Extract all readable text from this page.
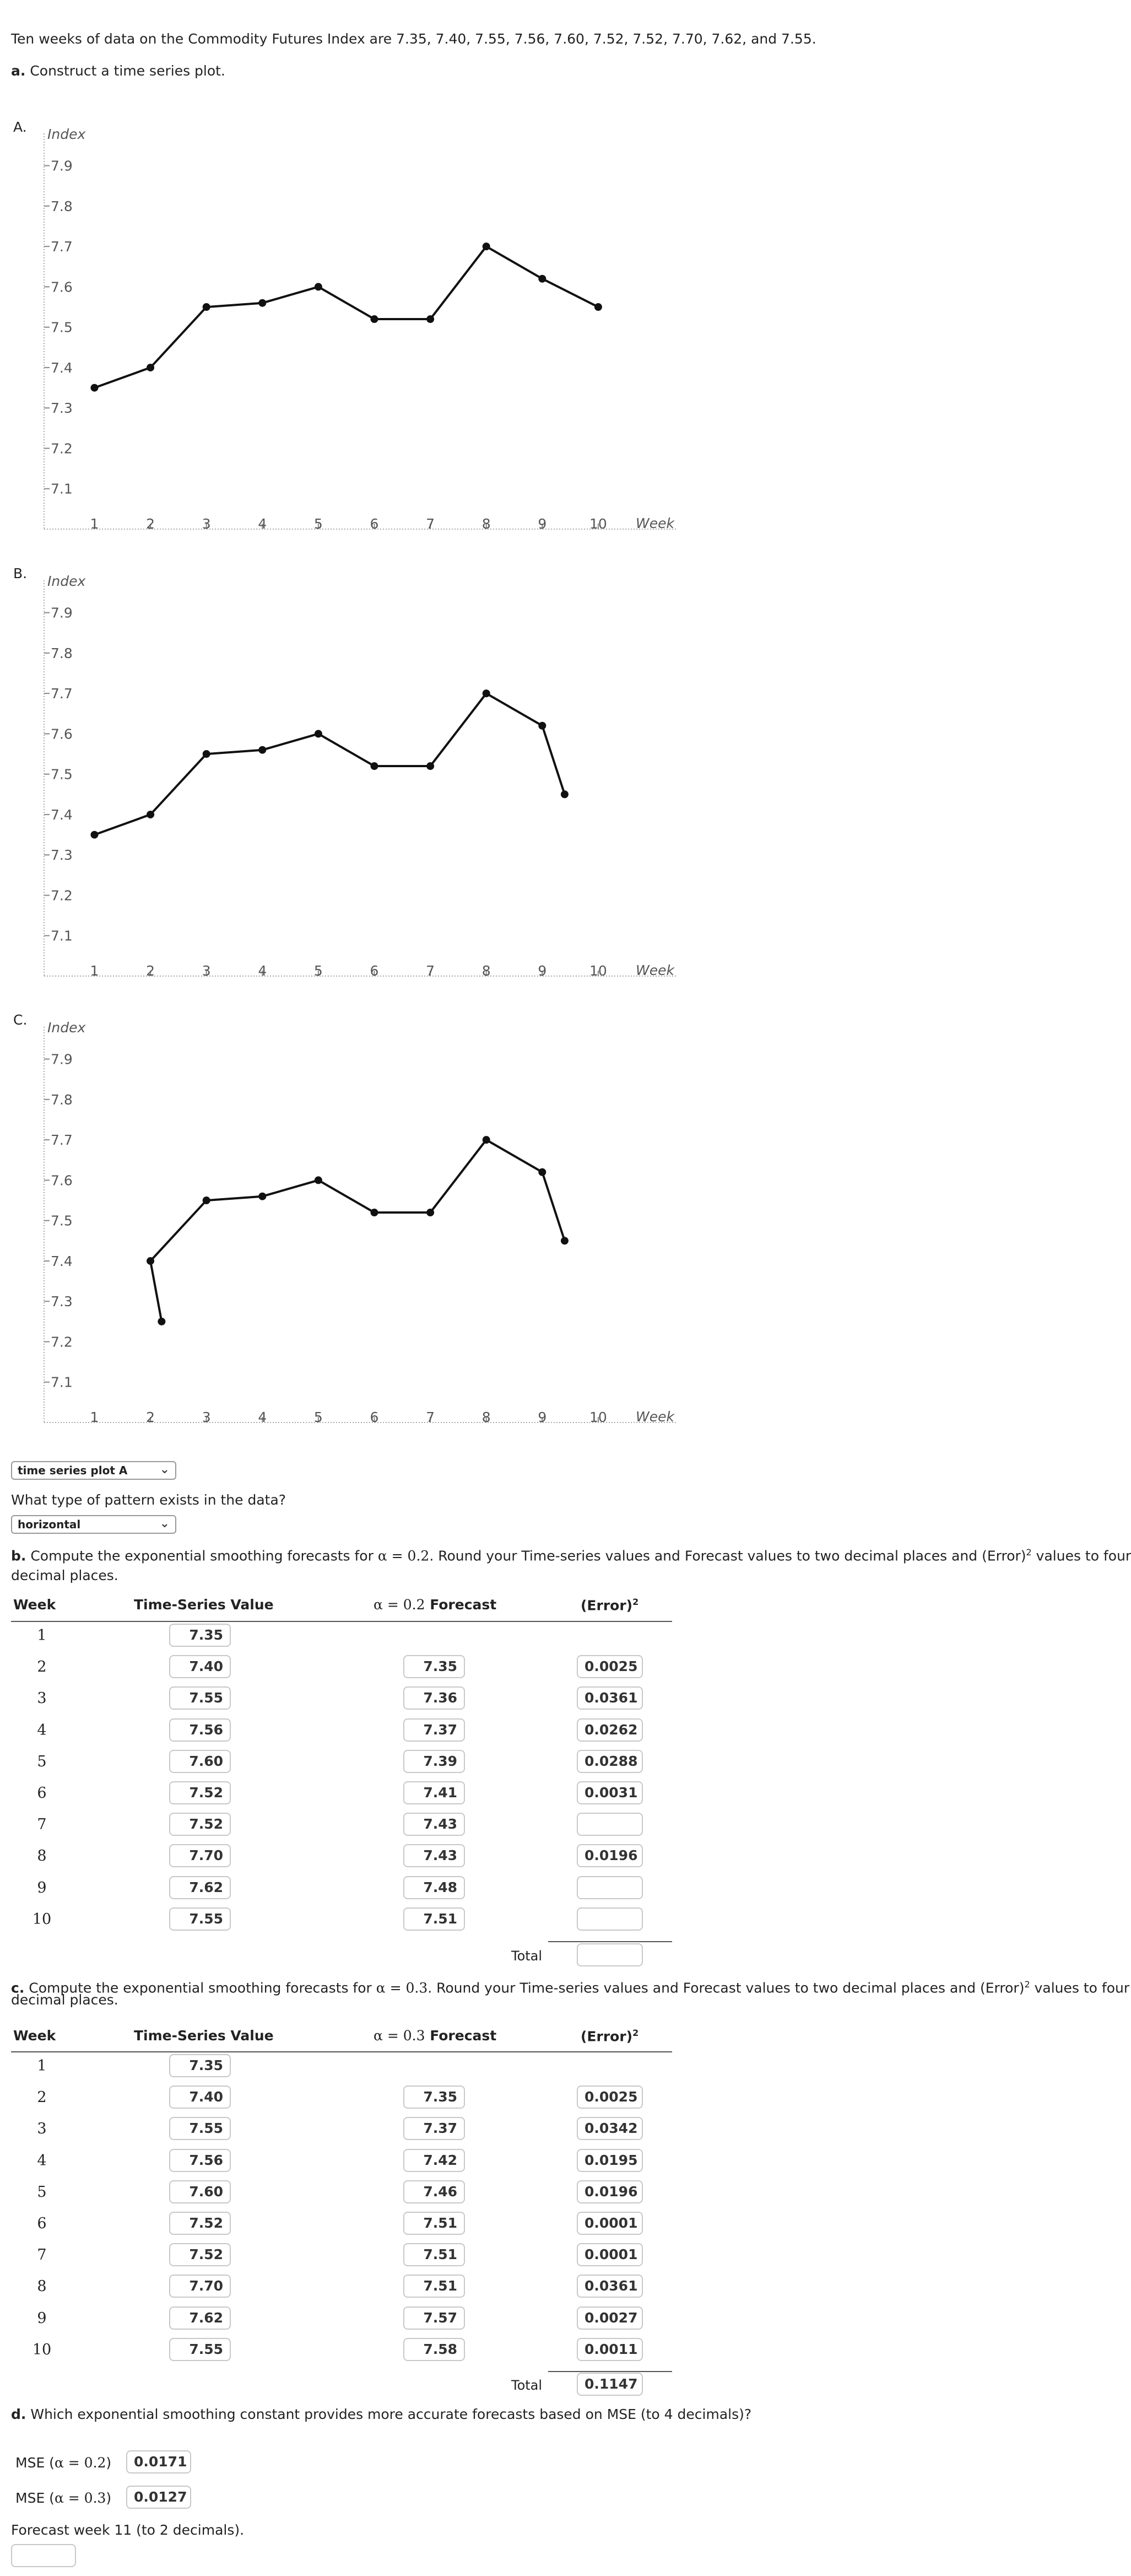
Ten weeks of data on the Commodity Futures Index are 7.35, 7.40, 7.55, 7.56, 7.60, 7.52, 7.52, 7.70, 7.62, and 7.55.
a. Construct a time series plot.
A. Index
7.9
7.8
7.7
7.6
7.5
7.4
7.3
7.2
7.1
1	2	3	4	5	6	7	8	9	10 Week
B. Index
7.9
7.8
7.7
7.6
7.5
7.4
7.3
7.2
7.1
1	2	3	4	5	6	7	8	9	10 Week
C. Index
7.9
7.8
7.7
7.6
7.5
7.4
7.3
7.2
7.1
1	2	3	4	5	6	7	8	9	10 Week
time series plot A	⌄
What type of pattern exists in the data?
horizontal	⌄
b. Compute the exponential smoothing forecasts for α = 0.2. Round your Time-series values and Forecast values to two decimal places and (Error)$^2$ values to four
decimal places.
Week	Time-Series Value	α = 0.2 Forecast	(Error)$^2$
1	7.35
2	7.40	7.35	0.0025
3	7.55	7.36	0.0361
4	7.56	7.37	0.0262
5	7.60	7.39	0.0288
6	7.52	7.41	0.0031
7	7.52	7.43
8	7.70	7.43	0.0196
9	7.62	7.48
10	7.55	7.51
Total
c. Compute the exponential smoothing forecasts for α = 0.3. Round your Time-series values and Forecast values to two decimal places and (Error)$^2$ values to four
decimal places.
Week	Time-Series Value	α = 0.3 Forecast	(Error)$^2$
1	7.35
2	7.40	7.35	0.0025
3	7.55	7.37	0.0342
4	7.56	7.42	0.0195
5	7.60	7.46	0.0196
6	7.52	7.51	0.0001
7	7.52	7.51	0.0001
8	7.70	7.51	0.0361
9	7.62	7.57	0.0027
10	7.55	7.58	0.0011
Total	0.1147
d. Which exponential smoothing constant provides more accurate forecasts based on MSE (to 4 decimals)?
MSE (α = 0.2)	0.0171
MSE (α = 0.3)	0.0127
Forecast week 11 (to 2 decimals).
